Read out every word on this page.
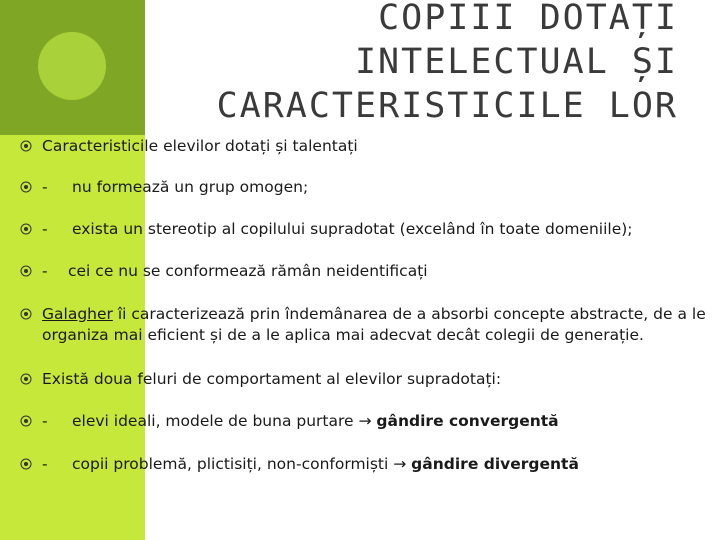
COPIII DOTAȚI
INTELECTUAL ȘI
CARACTERISTICILE LOR
Caracteristicile elevilor dotați și talentați
- nu formează un grup omogen;
- exista un stereotip al copilului supradotat (excelând în toate domeniile);
- cei ce nu se conformează rămân neidentificați
Galagher îi caracterizează prin îndemânarea de a absorbi concepte abstracte, de a le organiza mai eficient și de a le aplica mai adecvat decât colegii de generație.
Există doua feluri de comportament al elevilor supradotați:
- elevi ideali, modele de buna purtare → gândire convergentă
- copii problemă, plictisiți, non-conformiști → gândire divergentă
